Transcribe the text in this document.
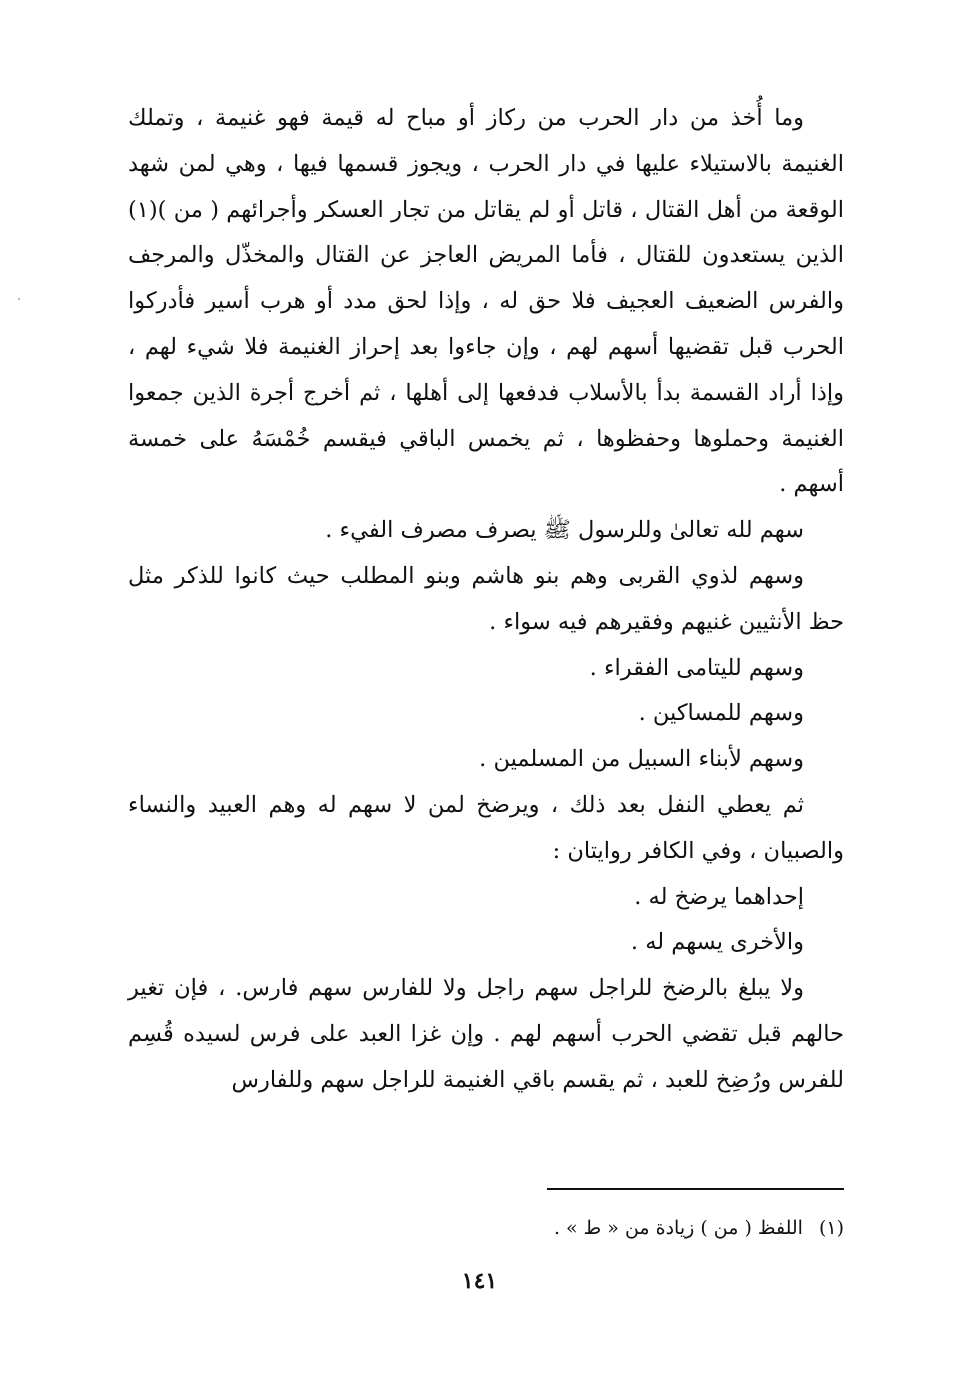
وما أُخذ من دار الحرب من ركاز أو مباح له قيمة فهو غنيمة ، وتملك الغنيمة بالاستيلاء عليها في دار الحرب ، ويجوز قسمها فيها ، وهي لمن شهد الوقعة من أهل القتال ، قاتل أو لم يقاتل من تجار العسكر وأجرائهم ( من )(١) الذين يستعدون للقتال ، فأما المريض العاجز عن القتال والمخذّل والمرجف والفرس الضعيف العجيف فلا حق له ، وإذا لحق مدد أو هرب أسير فأدركوا الحرب قبل تقضيها أسهم لهم ، وإن جاءوا بعد إحراز الغنيمة فلا شيء لهم ، وإذا أراد القسمة بدأ بالأسلاب فدفعها إلى أهلها ، ثم أخرج أجرة الذين جمعوا الغنيمة وحملوها وحفظوها ، ثم يخمس الباقي فيقسم خُمْسَهُ على خمسة أسهم .

سهم لله تعالىٰ وللرسول ﷺ يصرف مصرف الفيء .

وسهم لذوي القربى وهم بنو هاشم وبنو المطلب حيث كانوا للذكر مثل حظ الأنثيين غنيهم وفقيرهم فيه سواء .

وسهم لليتامى الفقراء .

وسهم للمساكين .

وسهم لأبناء السبيل من المسلمين .

ثم يعطي النفل بعد ذلك ، ويرضخ لمن لا سهم له وهم العبيد والنساء والصبيان ، وفي الكافر روايتان :

إحداهما يرضخ له .

والأخرى يسهم له .

ولا يبلغ بالرضخ للراجل سهم راجل ولا للفارس سهم فارس. ، فإن تغير حالهم قبل تقضي الحرب أسهم لهم . وإن غزا العبد على فرس لسيده قُسِم للفرس ورُضِخ للعبد ، ثم يقسم باقي الغنيمة للراجل سهم وللفارس

(١)اللفظ ( من ) زيادة من « ط » .
١٤١
